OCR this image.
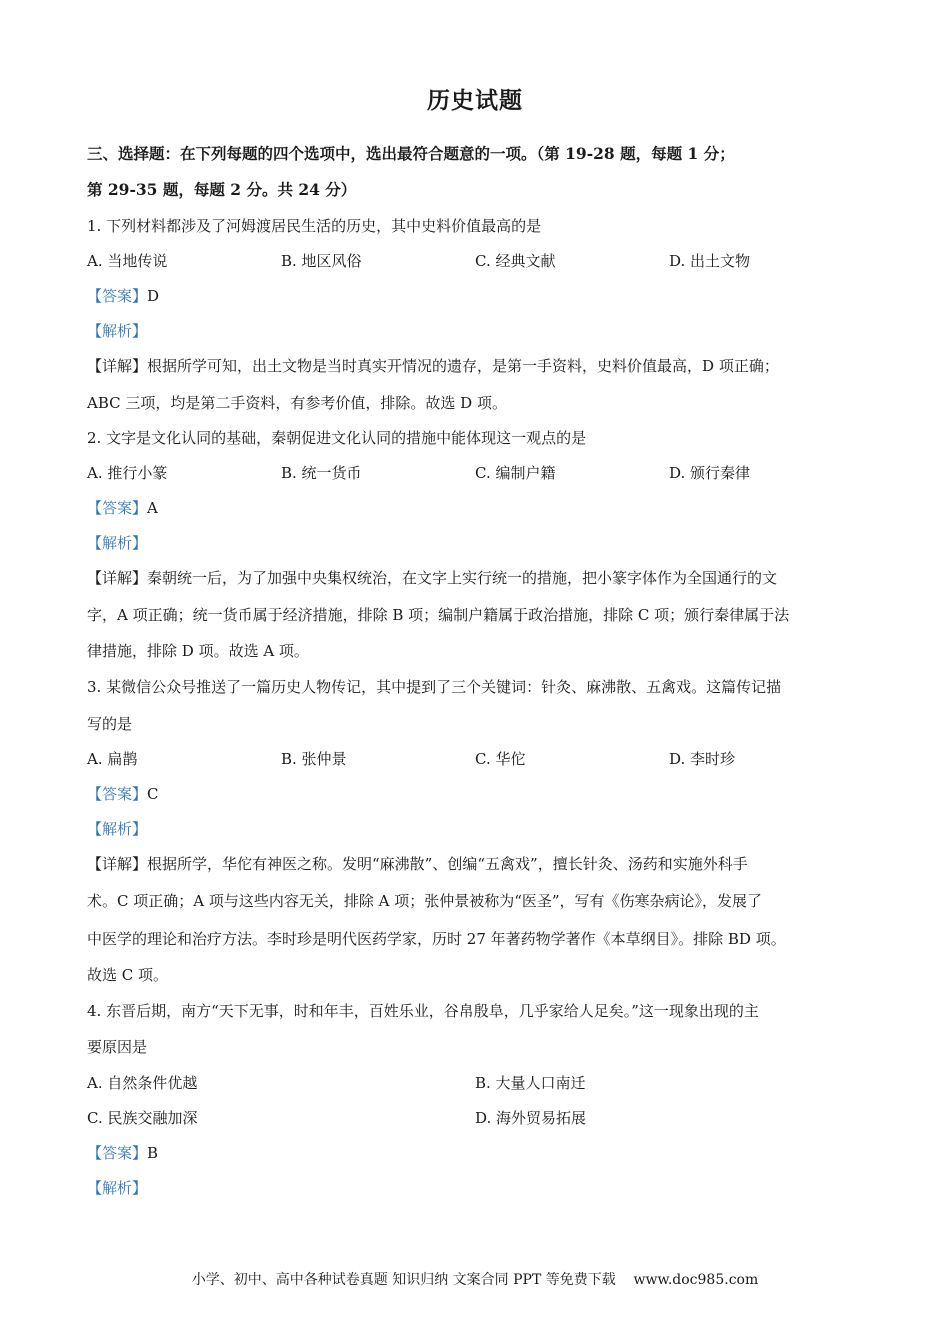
历史试题
三、选择题：在下列每题的四个选项中，选出最符合题意的一项。（第 19-28 题，每题 1 分；
第 29-35 题，每题 2 分。共 24 分）
1. 下列材料都涉及了河姆渡居民生活的历史，其中史料价值最高的是
A. 当地传说	B. 地区风俗	C. 经典文献	D. 出土文物
【答案】D
【解析】
【详解】根据所学可知，出土文物是当时真实开情况的遗存，是第一手资料，史料价值最高，D 项正确；
ABC 三项，均是第二手资料，有参考价值，排除。故选 D 项。
2. 文字是文化认同的基础，秦朝促进文化认同的措施中能体现这一观点的是
A. 推行小篆	B. 统一货币	C. 编制户籍	D. 颁行秦律
【答案】A
【解析】
【详解】秦朝统一后，为了加强中央集权统治，在文字上实行统一的措施，把小篆字体作为全国通行的文
字，A 项正确；统一货币属于经济措施，排除 B 项；编制户籍属于政治措施，排除 C 项；颁行秦律属于法
律措施，排除 D 项。故选 A 项。
3. 某微信公众号推送了一篇历史人物传记，其中提到了三个关键词：针灸、麻沸散、五禽戏。这篇传记描
写的是
A. 扁鹊	B. 张仲景	C. 华佗	D. 李时珍
【答案】C
【解析】
【详解】根据所学，华佗有神医之称。发明“麻沸散”、创编“五禽戏”，擅长针灸、汤药和实施外科手
术。C 项正确；A 项与这些内容无关，排除 A 项；张仲景被称为“医圣”，写有《伤寒杂病论》，发展了
中医学的理论和治疗方法。李时珍是明代医药学家，历时 27 年著药物学著作《本草纲目》。排除 BD 项。
故选 C 项。
4. 东晋后期，南方“天下无事，时和年丰，百姓乐业，谷帛殷阜，几乎家给人足矣。”这一现象出现的主
要原因是
A. 自然条件优越	B. 大量人口南迁
C. 民族交融加深	D. 海外贸易拓展
【答案】B
【解析】
小学、初中、高中各种试卷真题 知识归纳 文案合同 PPT 等免费下载 www.doc985.com
